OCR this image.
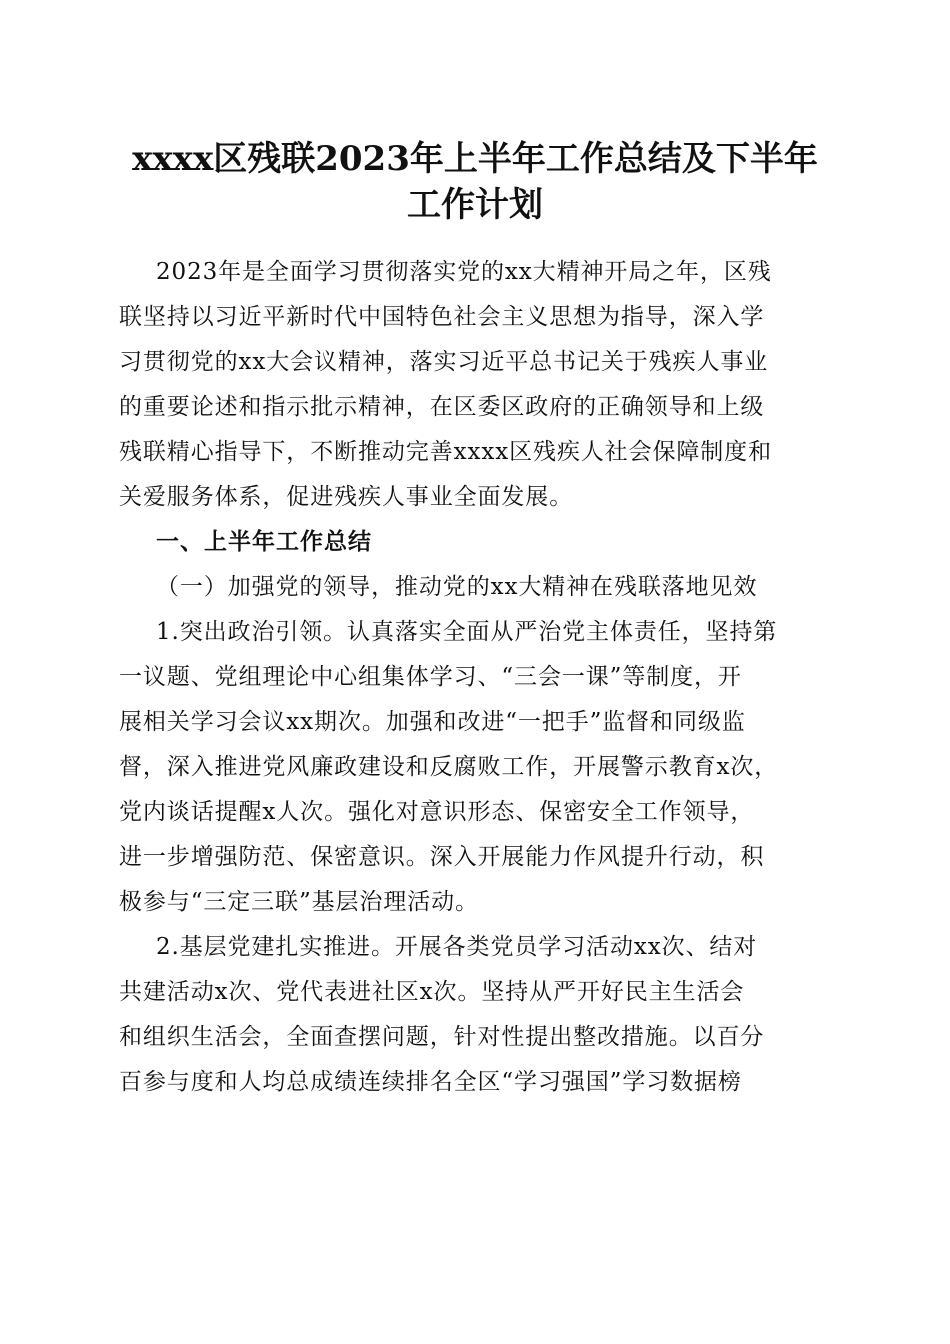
xxxx区残联2023年上半年工作总结及下半年
工作计划
2023年是全面学习贯彻落实党的xx大精神开局之年，区残
联坚持以习近平新时代中国特色社会主义思想为指导，深入学
习贯彻党的xx大会议精神，落实习近平总书记关于残疾人事业
的重要论述和指示批示精神，在区委区政府的正确领导和上级
残联精心指导下，不断推动完善xxxx区残疾人社会保障制度和
关爱服务体系，促进残疾人事业全面发展。
一、上半年工作总结
（一）加强党的领导，推动党的xx大精神在残联落地见效
1.突出政治引领。认真落实全面从严治党主体责任，坚持第
一议题、党组理论中心组集体学习、“三会一课”等制度，开
展相关学习会议xx期次。加强和改进“一把手”监督和同级监
督，深入推进党风廉政建设和反腐败工作，开展警示教育x次，
党内谈话提醒x人次。强化对意识形态、保密安全工作领导，
进一步增强防范、保密意识。深入开展能力作风提升行动，积
极参与“三定三联”基层治理活动。
2.基层党建扎实推进。开展各类党员学习活动xx次、结对
共建活动x次、党代表进社区x次。坚持从严开好民主生活会
和组织生活会，全面查摆问题，针对性提出整改措施。以百分
百参与度和人均总成绩连续排名全区“学习强国”学习数据榜
